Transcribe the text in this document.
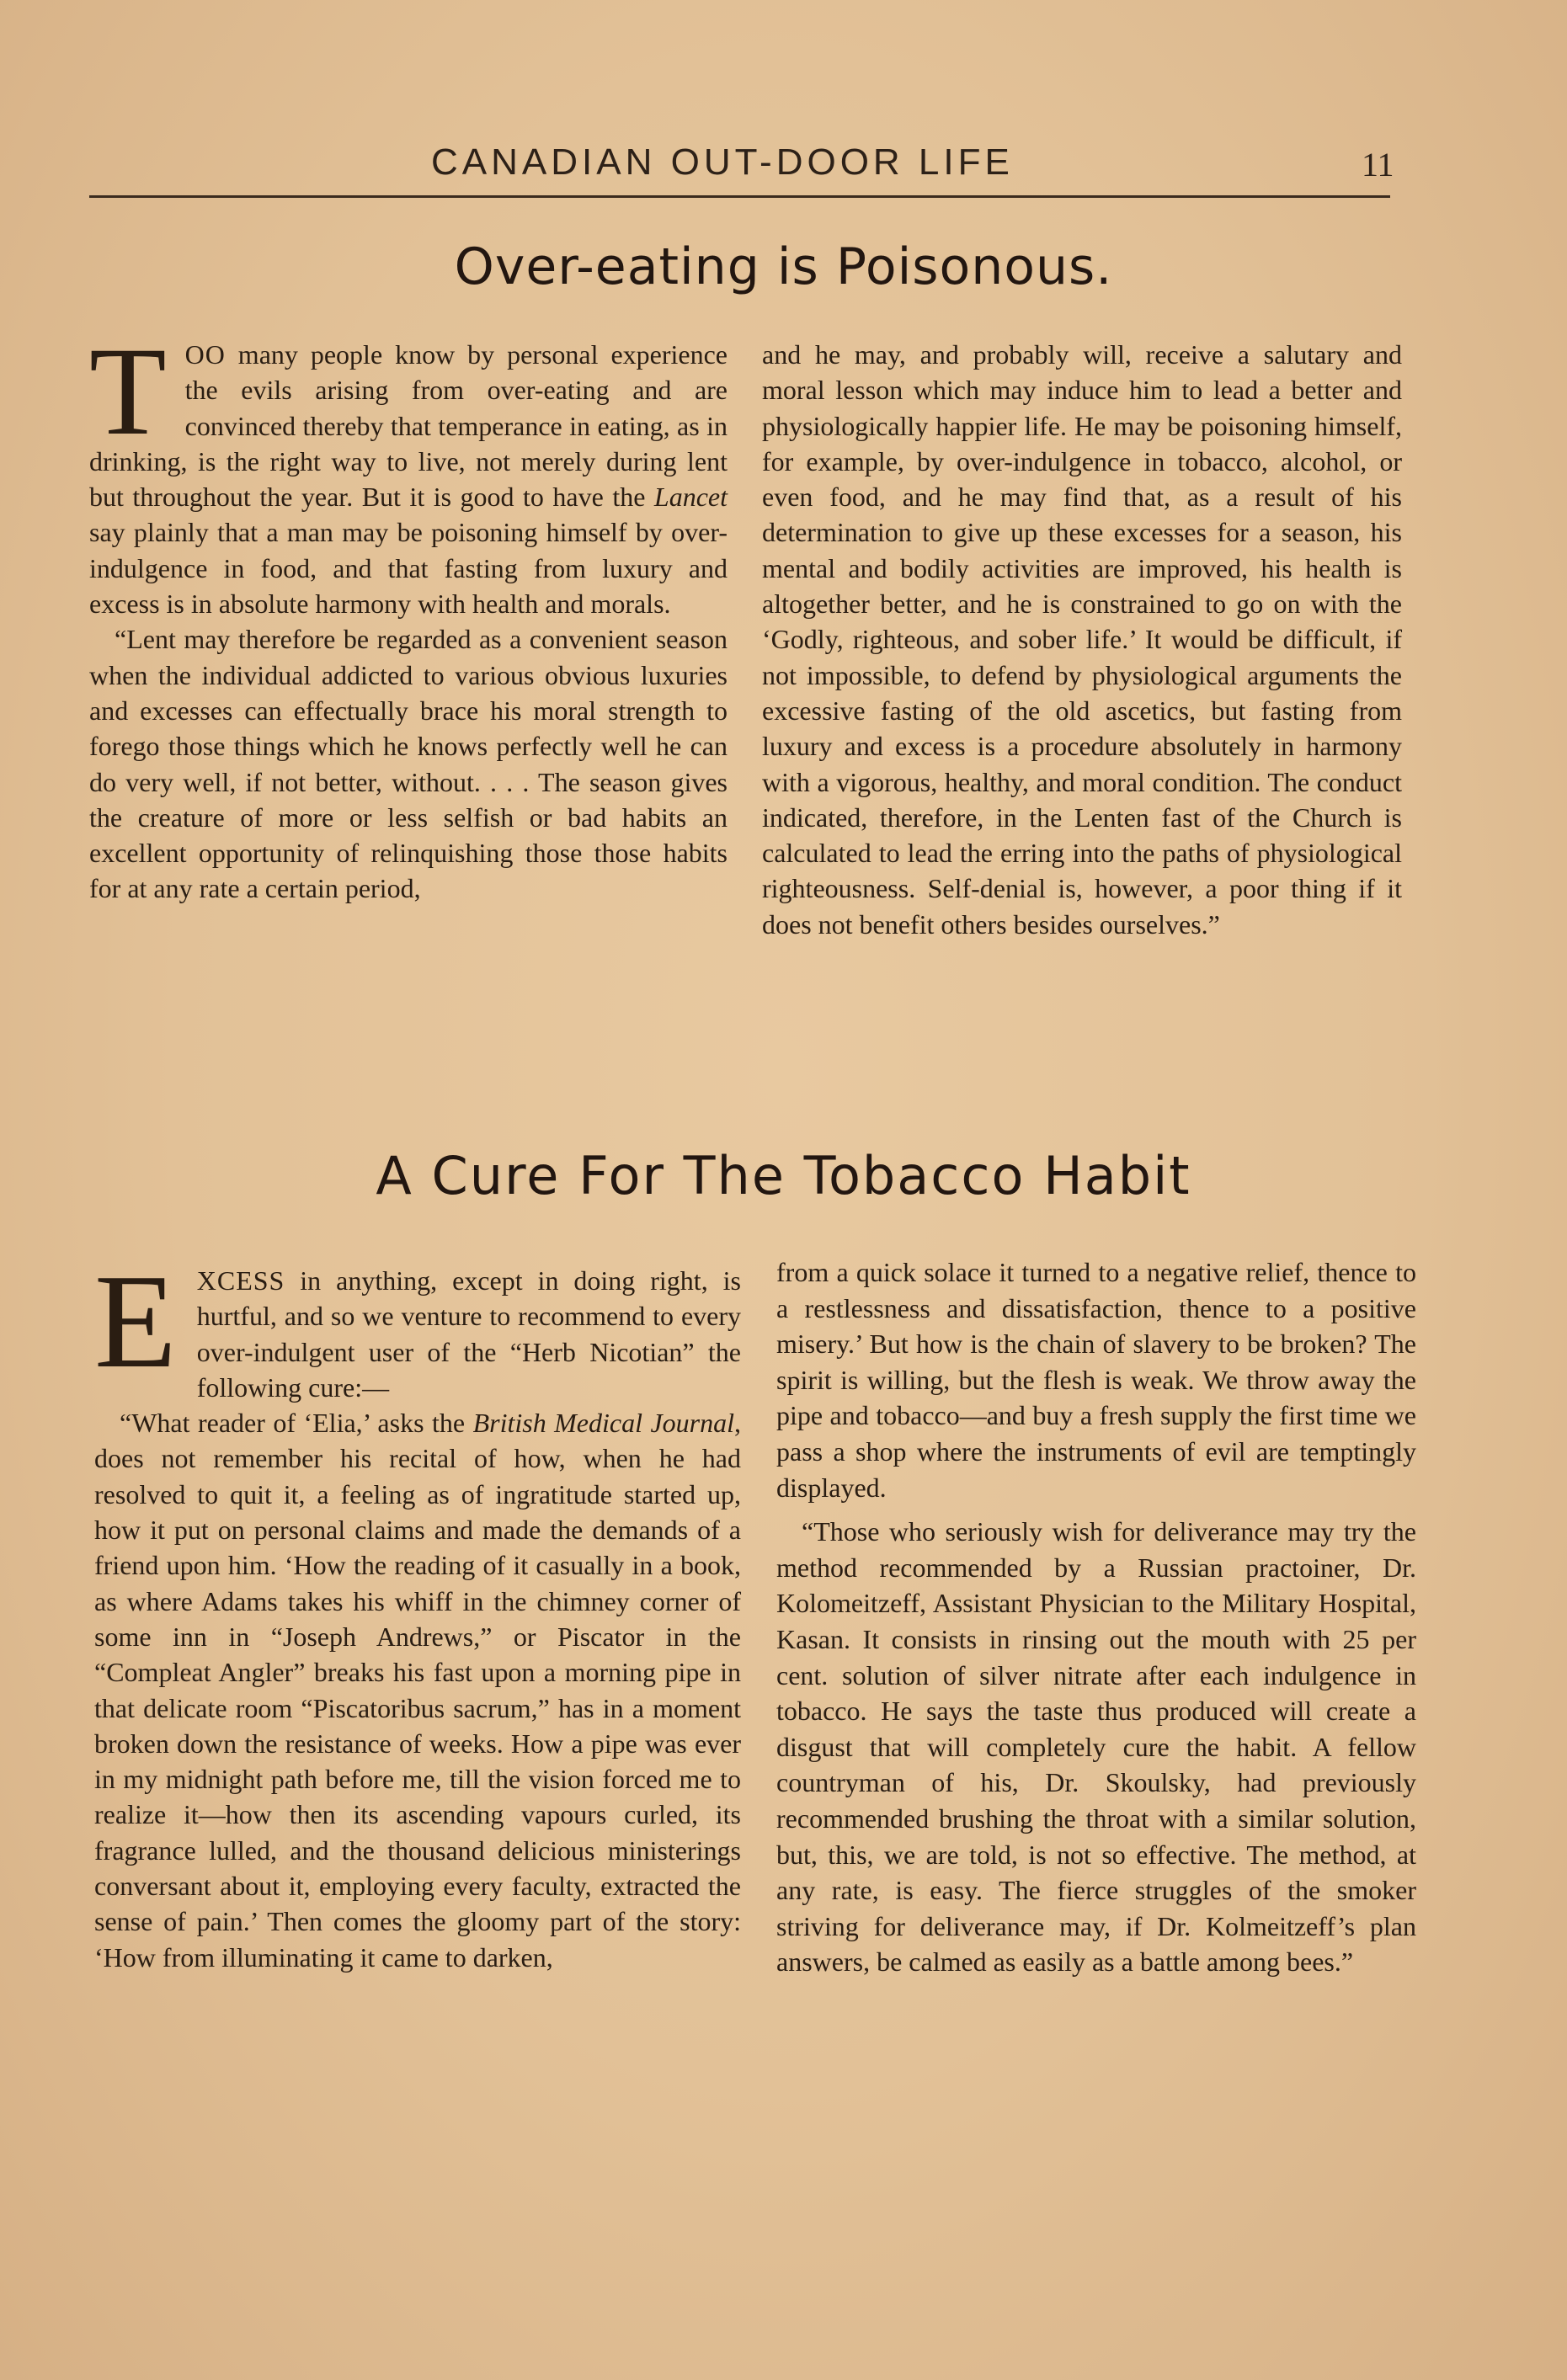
CANADIAN OUT-DOOR LIFE	11
Over-eating is Poisonous.

TOO many people know by personal experience the evils arising from over-eating and are convinced thereby that temperance in eating, as in drinking, is the right way to live, not merely during lent but throughout the year. But it is good to have the Lancet say plainly that a man may be poisoning himself by over-indulgence in food, and that fasting from luxury and excess is in absolute harmony with health and morals.

“Lent may therefore be regarded as a convenient season when the individual addicted to various obvious luxuries and excesses can effectually brace his moral strength to forego those things which he knows perfectly well he can do very well, if not better, without. . . . The season gives the creature of more or less selfish or bad habits an excellent opportunity of relinquishing those those habits for at any rate a certain period,

and he may, and probably will, receive a salutary and moral lesson which may induce him to lead a better and physiologically happier life. He may be poisoning himself, for example, by over-indulgence in tobacco, alcohol, or even food, and he may find that, as a result of his determination to give up these excesses for a season, his mental and bodily activities are improved, his health is altogether better, and he is constrained to go on with the ‘Godly, righteous, and sober life.’ It would be difficult, if not impossible, to defend by physiological arguments the excessive fasting of the old ascetics, but fasting from luxury and excess is a procedure absolutely in harmony with a vigorous, healthy, and moral condition. The conduct indicated, therefore, in the Lenten fast of the Church is calculated to lead the erring into the paths of physiological righteousness. Self-denial is, however, a poor thing if it does not benefit others besides ourselves.”

A Cure For The Tobacco Habit

EXCESS in anything, except in doing right, is hurtful, and so we venture to recommend to every over-indulgent user of the “Herb Nicotian” the following cure:—

“What reader of ‘Elia,’ asks the British Medical Journal, does not remember his recital of how, when he had resolved to quit it, a feeling as of ingratitude started up, how it put on personal claims and made the demands of a friend upon him. ‘How the reading of it casually in a book, as where Adams takes his whiff in the chimney corner of some inn in “Joseph Andrews,” or Piscator in the “Compleat Angler” breaks his fast upon a morning pipe in that delicate room “Piscatoribus sacrum,” has in a moment broken down the resistance of weeks. How a pipe was ever in my midnight path before me, till the vision forced me to realize it—how then its ascending vapours curled, its fragrance lulled, and the thousand delicious ministerings conversant about it, employing every faculty, extracted the sense of pain.’ Then comes the gloomy part of the story: ‘How from illuminating it came to darken,

from a quick solace it turned to a negative relief, thence to a restlessness and dissatisfaction, thence to a positive misery.’ But how is the chain of slavery to be broken? The spirit is willing, but the flesh is weak. We throw away the pipe and tobacco—and buy a fresh supply the first time we pass a shop where the instruments of evil are temptingly displayed.

“Those who seriously wish for deliverance may try the method recommended by a Russian practoiner, Dr. Kolomeitzeff, Assistant Physician to the Military Hospital, Kasan. It consists in rinsing out the mouth with 25 per cent. solution of silver nitrate after each indulgence in tobacco. He says the taste thus produced will create a disgust that will completely cure the habit. A fellow countryman of his, Dr. Skoulsky, had previously recommended brushing the throat with a similar solution, but, this, we are told, is not so effective. The method, at any rate, is easy. The fierce struggles of the smoker striving for deliverance may, if Dr. Kolmeitzeff’s plan answers, be calmed as easily as a battle among bees.”
